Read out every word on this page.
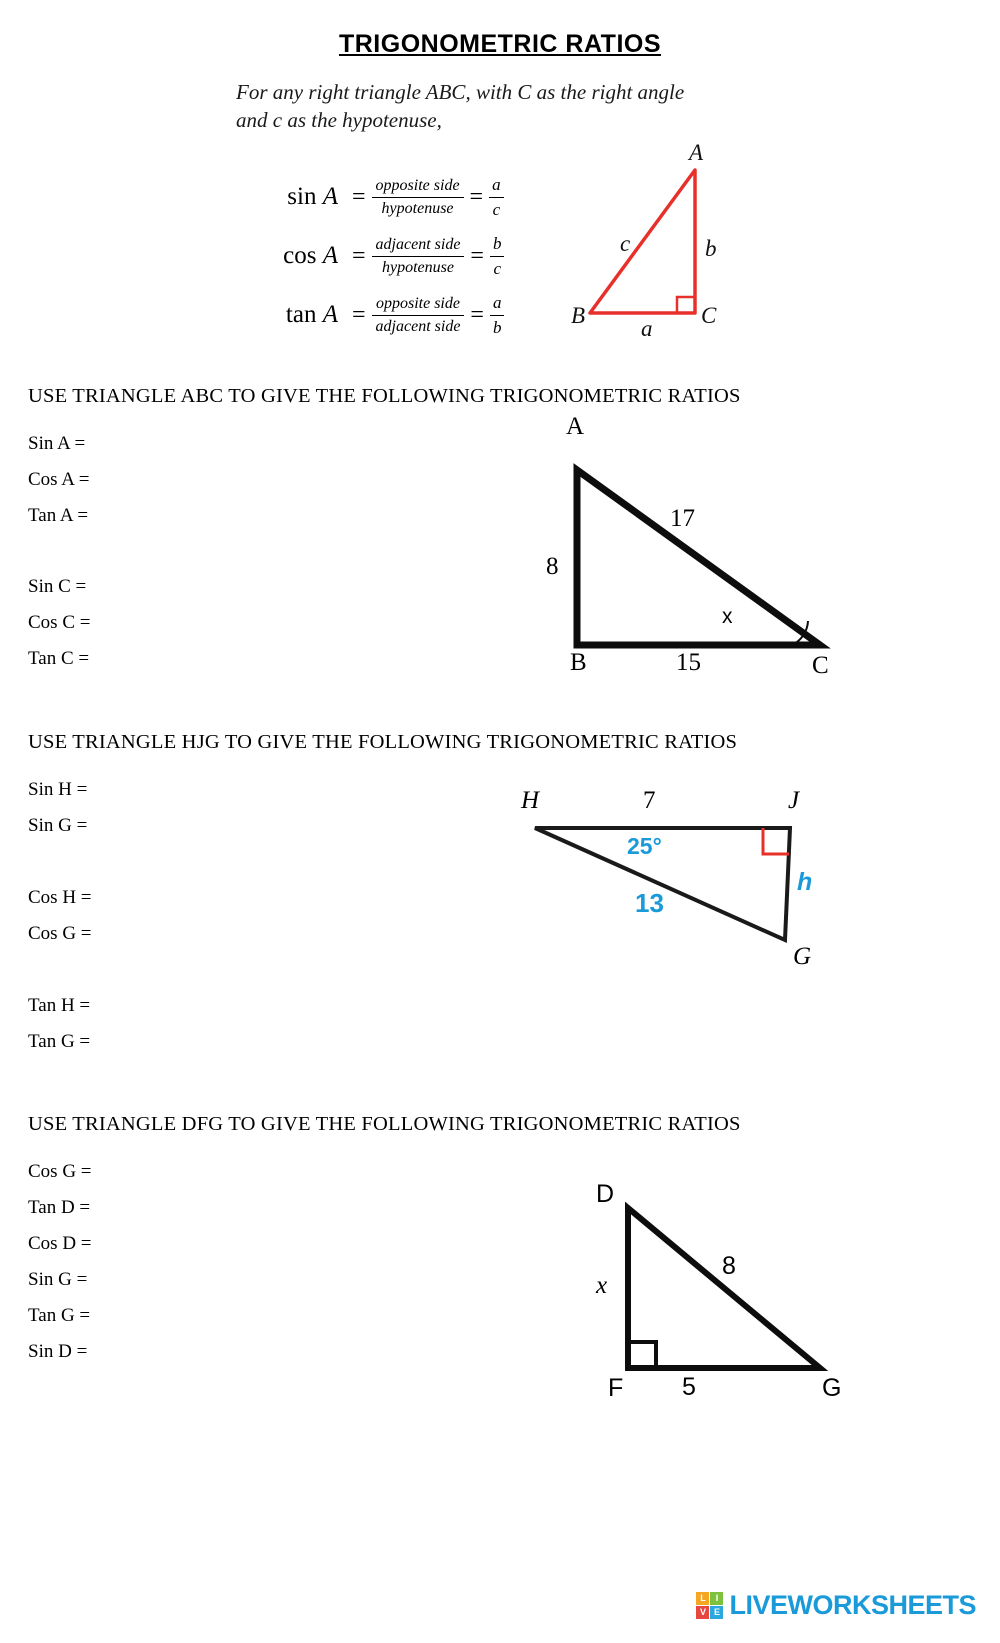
TRIGONOMETRIC RATIOS
For any right triangle ABC, with C as the right angle and c as the hypotenuse,
$\sin A = \frac{\text{opposite side}}{\text{hypotenuse}} = \frac{a}{c}$
$\cos A = \frac{\text{adjacent side}}{\text{hypotenuse}} = \frac{b}{c}$
$\tan A = \frac{\text{opposite side}}{\text{adjacent side}} = \frac{a}{b}$
A
B	C
c	b
a
USE TRIANGLE ABC TO GIVE THE FOLLOWING TRIGONOMETRIC RATIOS
Sin A =
Cos A =
Tan A =
Sin C =
Cos C =
Tan C =
A
B	C
17
8
15
x
USE TRIANGLE HJG TO GIVE THE FOLLOWING TRIGONOMETRIC RATIOS
Sin H =
Sin G =
Cos H =
Cos G =
Tan H =
Tan G =
H	J
G
7
25°
13
h
USE TRIANGLE DFG TO GIVE THE FOLLOWING TRIGONOMETRIC RATIOS
Cos G =
Tan D =
Cos D =
Sin G =
Tan G =
Sin D =
D
F	G
8
x
5
L	I
V E LIVEWORKSHEETS
